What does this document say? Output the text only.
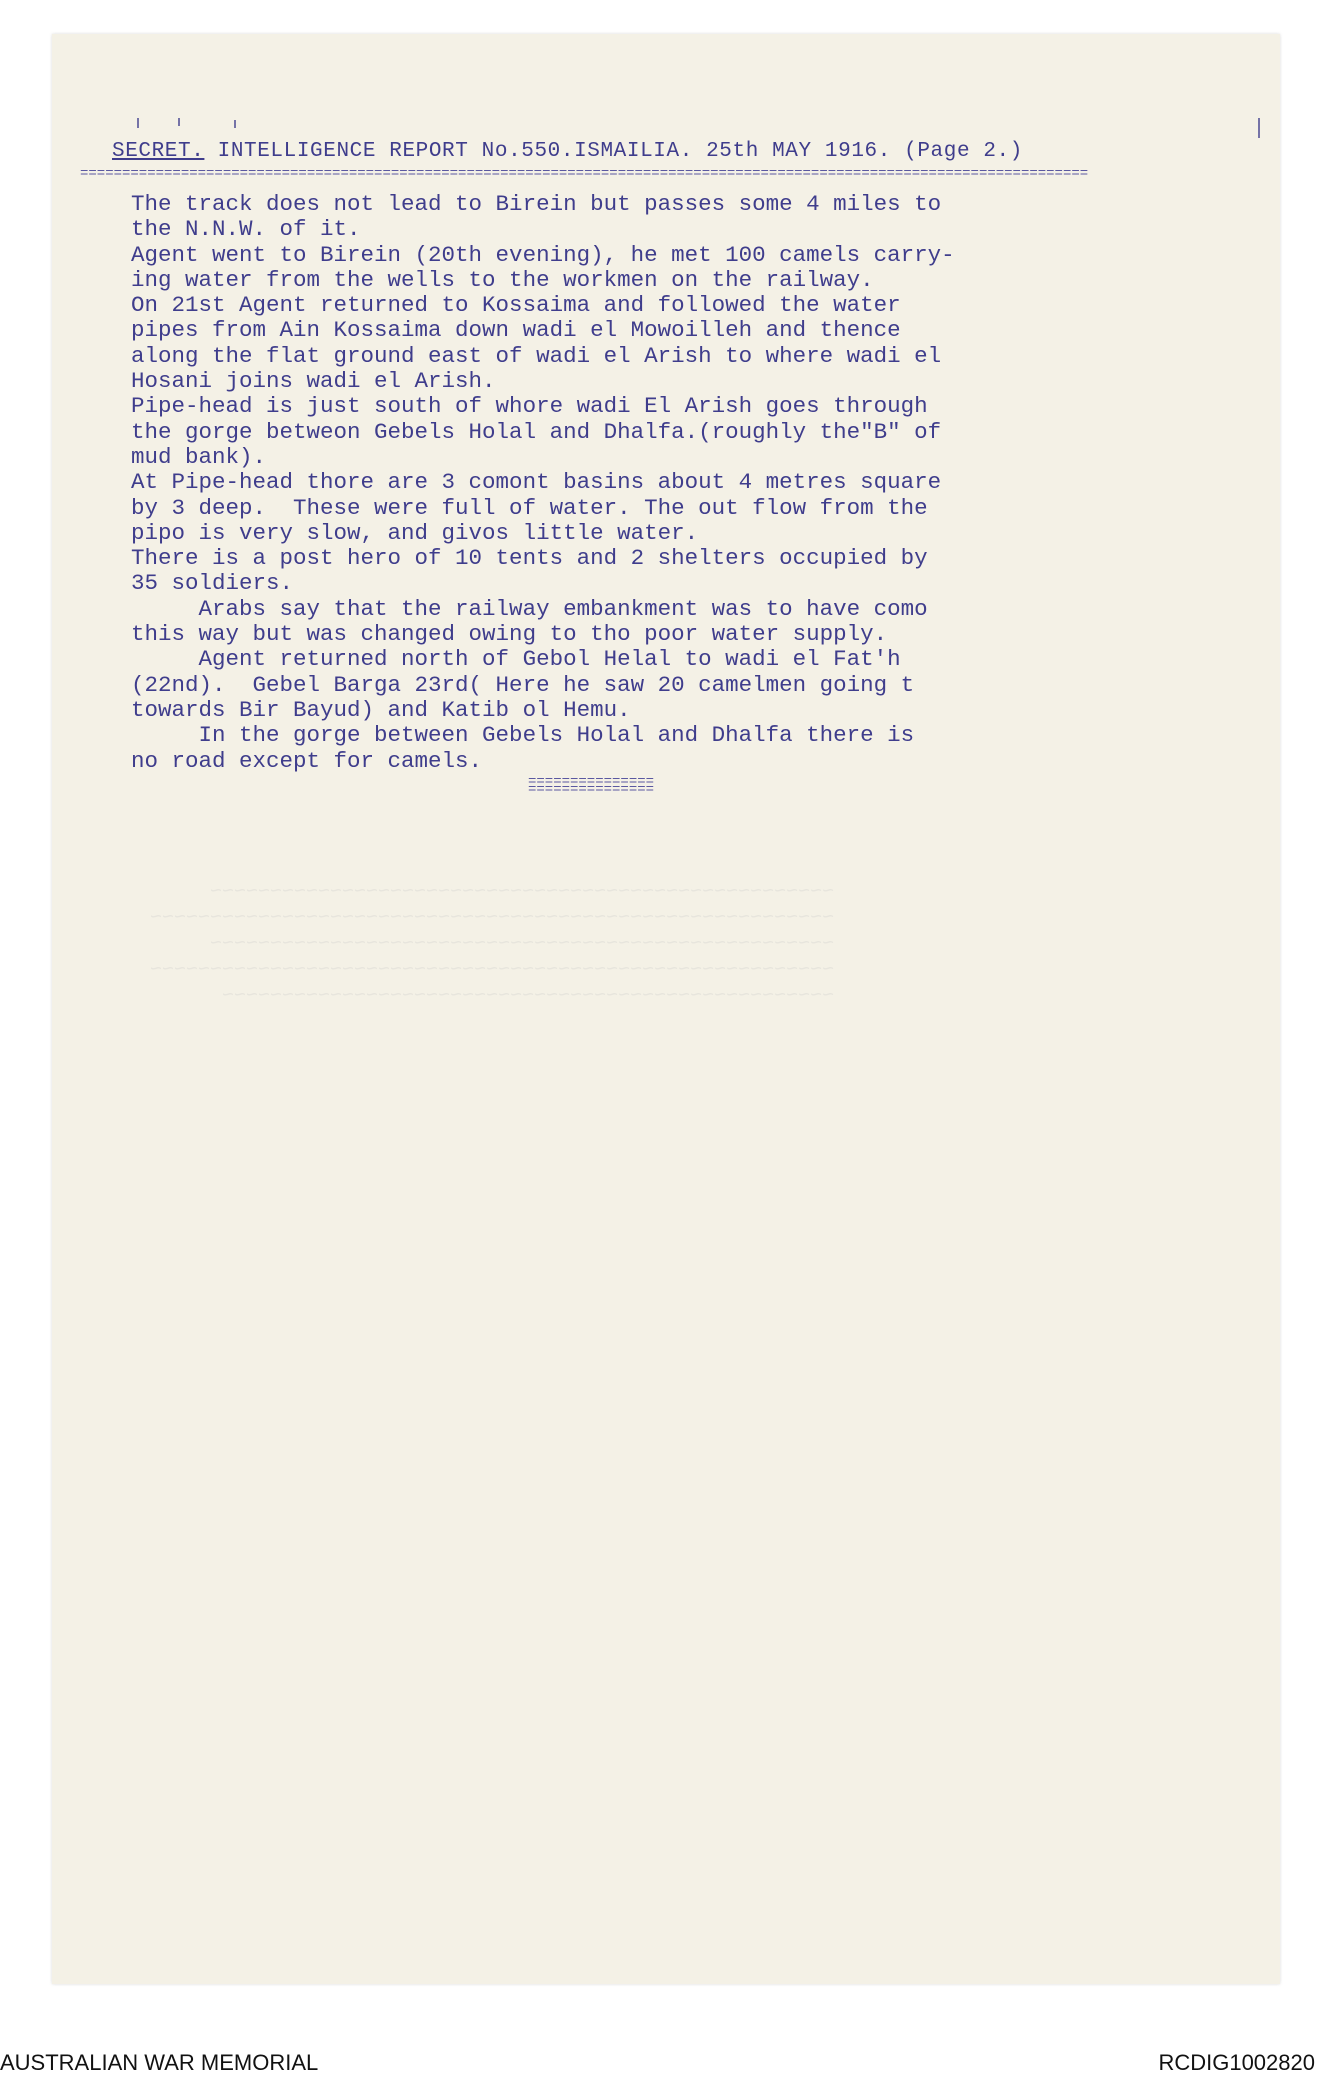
~~~~~~~~~~~~~~~~~~~~~~~~~~~~~~~~~~~~~~~~~~~~~~~~~~~~
~~~~~~~~~~~~~~~~~~~~~~~~~~~~~~~~~~~~~~~~~~~~~~~~~~~~~~~~~
~~~~~~~~~~~~~~~~~~~~~~~~~~~~~~~~~~~~~~~~~~~~~~~~~~~~
~~~~~~~~~~~~~~~~~~~~~~~~~~~~~~~~~~~~~~~~~~~~~~~~~~~~~~~~~
~~~~~~~~~~~~~~~~~~~~~~~~~~~~~~~~~~~~~~~~~~~~~~~~~~~
SECRET. INTELLIGENCE REPORT No.550.ISMAILIA. 25th MAY 1916. (Page 2.)
========================================================================================================================
The track does not lead to Birein but passes some 4 miles to
the N.N.W. of it.
Agent went to Birein (20th evening), he met 100 camels carry-
ing water from the wells to the workmen on the railway.
On 21st Agent returned to Kossaima and followed the water
pipes from Ain Kossaima down wadi el Mowoilleh and thence
along the flat ground east of wadi el Arish to where wadi el
Hosani joins wadi el Arish.
Pipe-head is just south of whore wadi El Arish goes through
the gorge betweon Gebels Holal and Dhalfa.(roughly the"B" of
mud bank).
At Pipe-head thore are 3 comont basins about 4 metres square
by 3 deep.  These were full of water. The out flow from the
pipo is very slow, and givos little water.
There is a post hero of 10 tents and 2 shelters occupied by
35 soldiers.
Arabs say that the railway embankment was to have como
this way but was changed owing to tho poor water supply.
Agent returned north of Gebol Helal to wadi el Fat'h
(22nd).  Gebel Barga 23rd( Here he saw 20 camelmen going t
towards Bir Bayud) and Katib ol Hemu.
In the gorge between Gebels Holal and Dhalfa there is
no road except for camels.
===============
===============
AUSTRALIAN WAR MEMORIAL	RCDIG1002820
